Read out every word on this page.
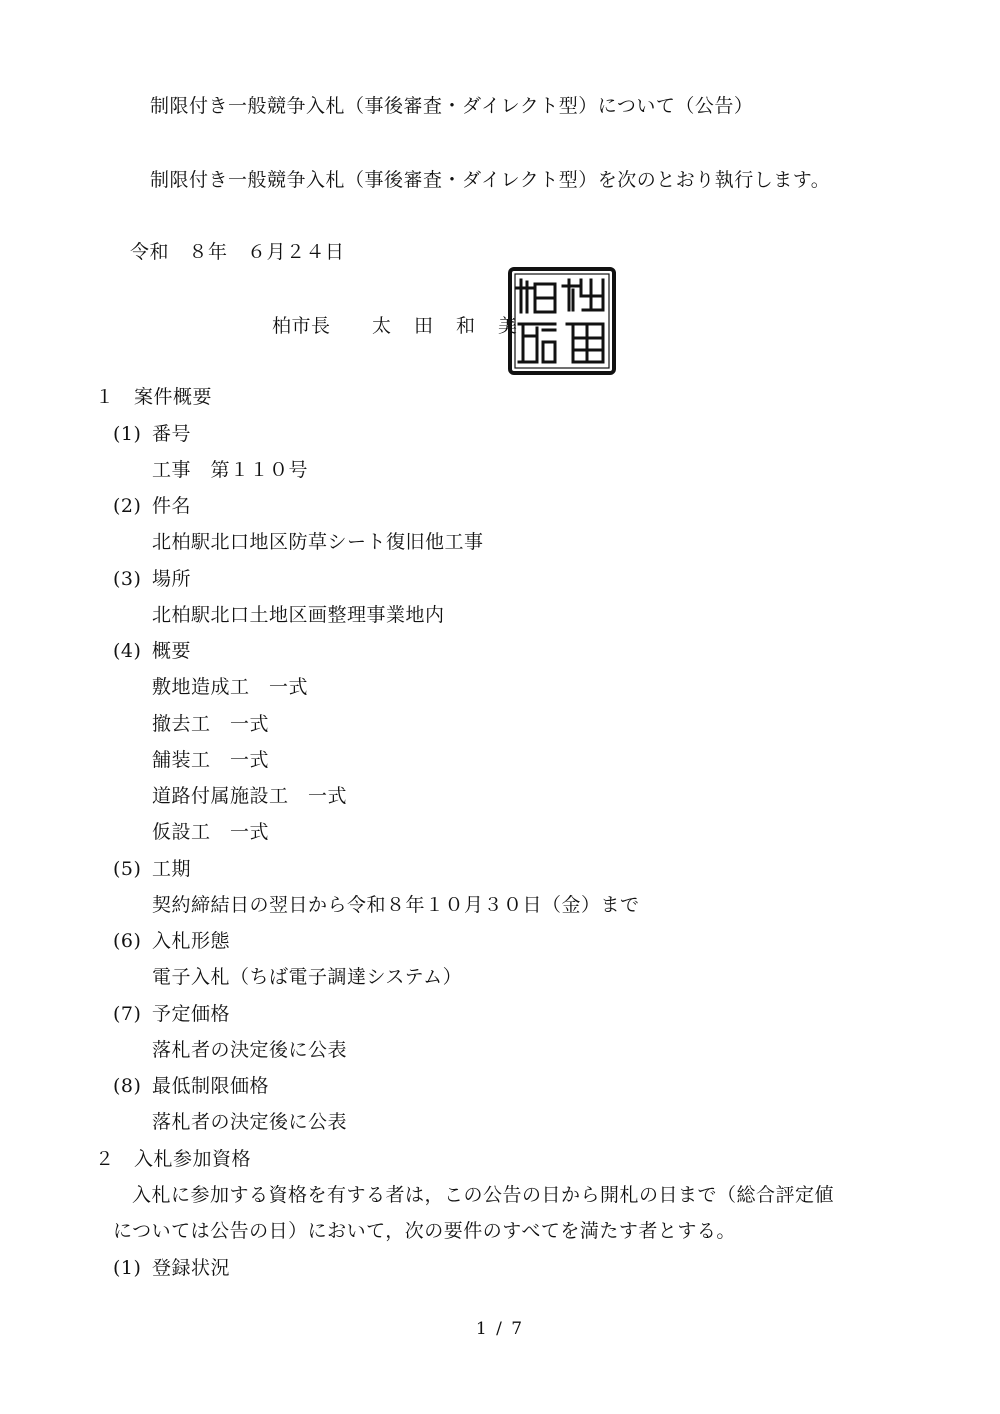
制限付き一般競争入札（事後審査・ダイレクト型）について（公告）
制限付き一般競争入札（事後審査・ダイレクト型）を次のとおり執行します。
令和　８年　６月２４日
柏市長 太　田　和　美
１　案件概要
(1) 番号
工事　第１１０号
(2) 件名
北柏駅北口地区防草シート復旧他工事
(3) 場所
北柏駅北口土地区画整理事業地内
(4) 概要
敷地造成工　一式
撤去工　一式
舗装工　一式
道路付属施設工　一式
仮設工　一式
(5) 工期
契約締結日の翌日から令和８年１０月３０日（金）まで
(6) 入札形態
電子入札（ちば電子調達システム）
(7) 予定価格
落札者の決定後に公表
(8) 最低制限価格
落札者の決定後に公表
２　入札参加資格
入札に参加する資格を有する者は，この公告の日から開札の日まで（総合評定値
については公告の日）において，次の要件のすべてを満たす者とする。
(1) 登録状況
1 / 7
